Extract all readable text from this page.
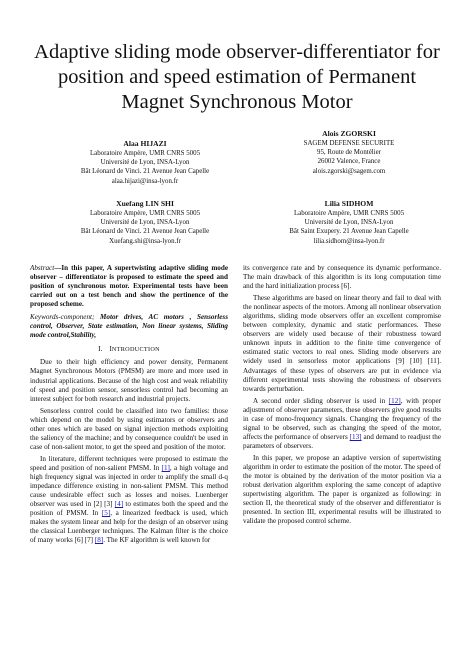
Adaptive sliding mode observer-differentiator for position and speed estimation of Permanent Magnet Synchronous Motor
Alaa HIJAZI
Laboratoire Ampère, UMR CNRS 5005
Université de Lyon, INSA-Lyon
Bât Léonard de Vinci. 21 Avenue Jean Capelle
alaa.hijazi@insa-lyon.fr
Alois ZGORSKI
SAGEM DEFENSE SECURITE
95, Route de Montélier
26002 Valence, France
alois.zgorski@sagem.com
Xuefang LIN SHI
Laboratoire Ampère, UMR CNRS 5005
Université de Lyon, INSA-Lyon
Bât Léonard de Vinci. 21 Avenue Jean Capelle
Xuefang.shi@insa-lyon.fr
Lilia SIDHOM
Laboratoire Ampère, UMR CNRS 5005
Université de Lyon, INSA-Lyon
Bât Saint Exupery. 21 Avenue Jean Capelle
lilia.sidhom@insa-lyon.fr

Abstract—In this paper, A supertwisting adaptive sliding mode observer – differentiator is proposed to estimate the speed and position of synchronous motor. Experimental tests have been carried out on a test bench and show the pertinence of the proposed scheme.

Keywords-component; Motor drives, AC motors , Sensorless control, Observer, State estimation, Non linear systems, Sliding mode control,Stability,

I. INTRODUCTION

Due to their high efficiency and power density, Permanent Magnet Synchronous Motors (PMSM) are more and more used in industrial applications. Because of the high cost and weak reliability of speed and position sensor, sensorless control had becoming an interest subject for both research and industrial projects.

Sensorless control could be classified into two families: those which depend on the model by using estimators or observers and other ones which are based on signal injection methods exploiting the saliency of the machine; and by consequence couldn't be used in case of non-salient motor, to get the speed and position of the motor.

In literature, different techniques were proposed to estimate the speed and position of non-salient PMSM. In [1], a high voltage and high frequency signal was injected in order to amplify the small d-q impedance difference existing in non-salient PMSM. This method cause undesirable effect such as losses and noises. Luenberger observer was used in [2] [3] [4] to estimates both the speed and the position of PMSM. In [5], a linearized feedback is used, which makes the system linear and help for the design of an observer using the classical Luenberger techniques. The Kalman filter is the choice of many works [6] [7] [8]. The KF algorithm is well known for

its convergence rate and by consequence its dynamic performance. The main drawback of this algorithm is its long computation time and the hard initialization process [6].

These algorithms are based on linear theory and fail to deal with the nonlinear aspects of the motors. Among all nonlinear observation algorithms, sliding mode observers offer an excellent compromise between complexity, dynamic and static performances. These observers are widely used because of their robustness toward unknown inputs in addition to the finite time convergence of estimated static vectors to real ones. Sliding mode observers are widely used in sensorless motor applications [9] [10] [11]. Advantages of these types of observers are put in evidence via different experimental tests showing the robustness of observers towards perturbation.

A second order sliding observer is used in [12], with proper adjustment of observer parameters, these observers give good results in case of mono-frequency signals. Changing the frequency of the signal to be observed, such as changing the speed of the motor, affects the performance of observers [13] and demand to readjust the parameters of observers.

In this paper, we propose an adaptive version of supertwisting algorithm in order to estimate the position of the motor. The speed of the motor is obtained by the derivation of the motor position via a robust derivation algorithm exploring the same concept of adaptive supertwisting algorithm. The paper is organized as following: in section II, the theoretical study of the observer and differentiator is presented. In section III, experimental results will be illustrated to validate the proposed control scheme.
